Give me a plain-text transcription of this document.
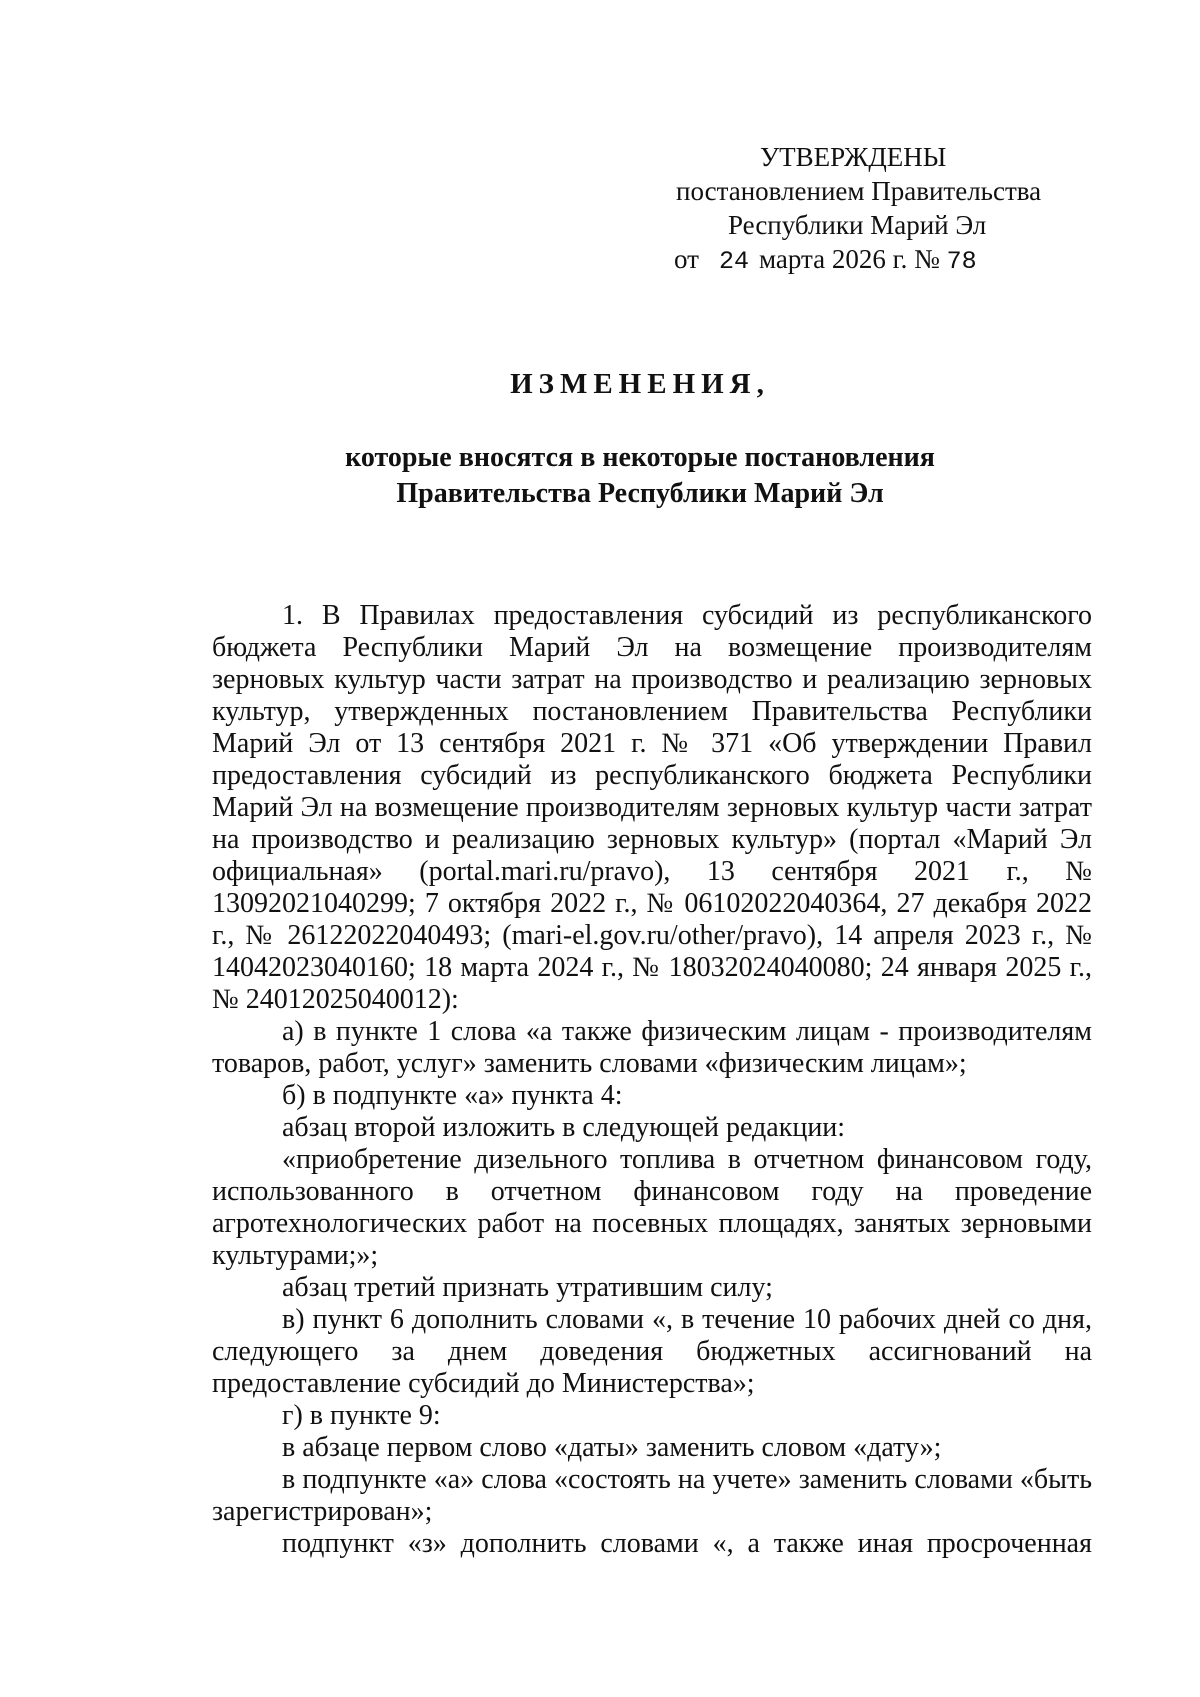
УТВЕРЖДЕНЫ
постановлением Правительства
Республики Марий Эл
от 24 марта 2026 г. № 78
ИЗМЕНЕНИЯ,
которые вносятся в некоторые постановления
Правительства Республики Марий Эл

1. В Правилах предоставления субсидий из республиканского бюджета Республики Марий Эл на возмещение производителям зерновых культур части затрат на производство и реализацию зерновых культур, утвержденных постановлением Правительства Республики Марий Эл от 13 сентября 2021 г. № 371 «Об утверждении Правил предоставления субсидий из республиканского бюджета Республики Марий Эл на возмещение производителям зерновых культур части затрат на производство и реализацию зерновых культур» (портал «Марий Эл официальная» (portal.mari.ru/pravo), 13 сентября 2021 г., № 13092021040299; 7 октября 2022 г., № 06102022040364, 27 декабря 2022 г., № 26122022040493; (mari-el.gov.ru/other/pravo), 14 апреля 2023 г., № 14042023040160; 18 марта 2024 г., № 18032024040080; 24 января 2025 г., № 24012025040012):

а) в пункте 1 слова «а также физическим лицам - производителям товаров, работ, услуг» заменить словами «физическим лицам»;

б) в подпункте «а» пункта 4:

абзац второй изложить в следующей редакции:

«приобретение дизельного топлива в отчетном финансовом году, использованного в отчетном финансовом году на проведение агротехнологических работ на посевных площадях, занятых зерновыми культурами;»;

абзац третий признать утратившим силу;

в) пункт 6 дополнить словами «, в течение 10 рабочих дней со дня, следующего за днем доведения бюджетных ассигнований на предоставление субсидий до Министерства»;

г) в пункте 9:

в абзаце первом слово «даты» заменить словом «дату»;

в подпункте «а» слова «состоять на учете» заменить словами «быть зарегистрирован»;

подпункт «з» дополнить словами «, а также иная просроченная
